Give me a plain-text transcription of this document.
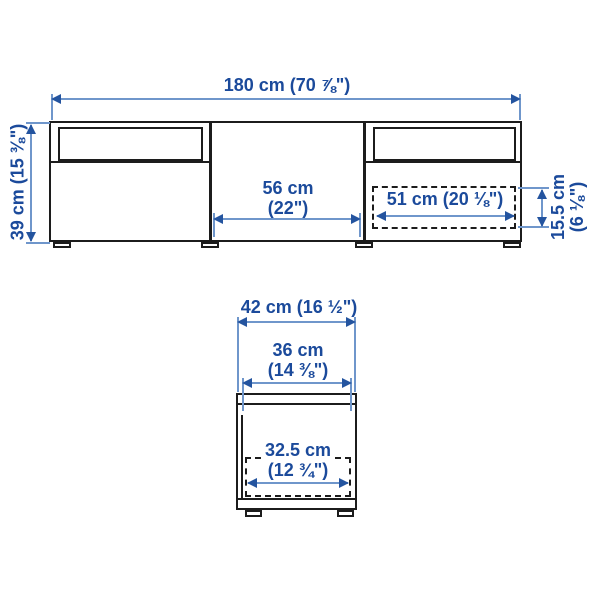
180 cm (70 ⅞")
39 cm (15 ⅜")	56 cm
(22")	51 cm (20 ⅛") 15.5 cm (6 ⅛")
42 cm (16 ½")
36 cm
(14 ⅜")
32.5 cm
(12 ¾")
